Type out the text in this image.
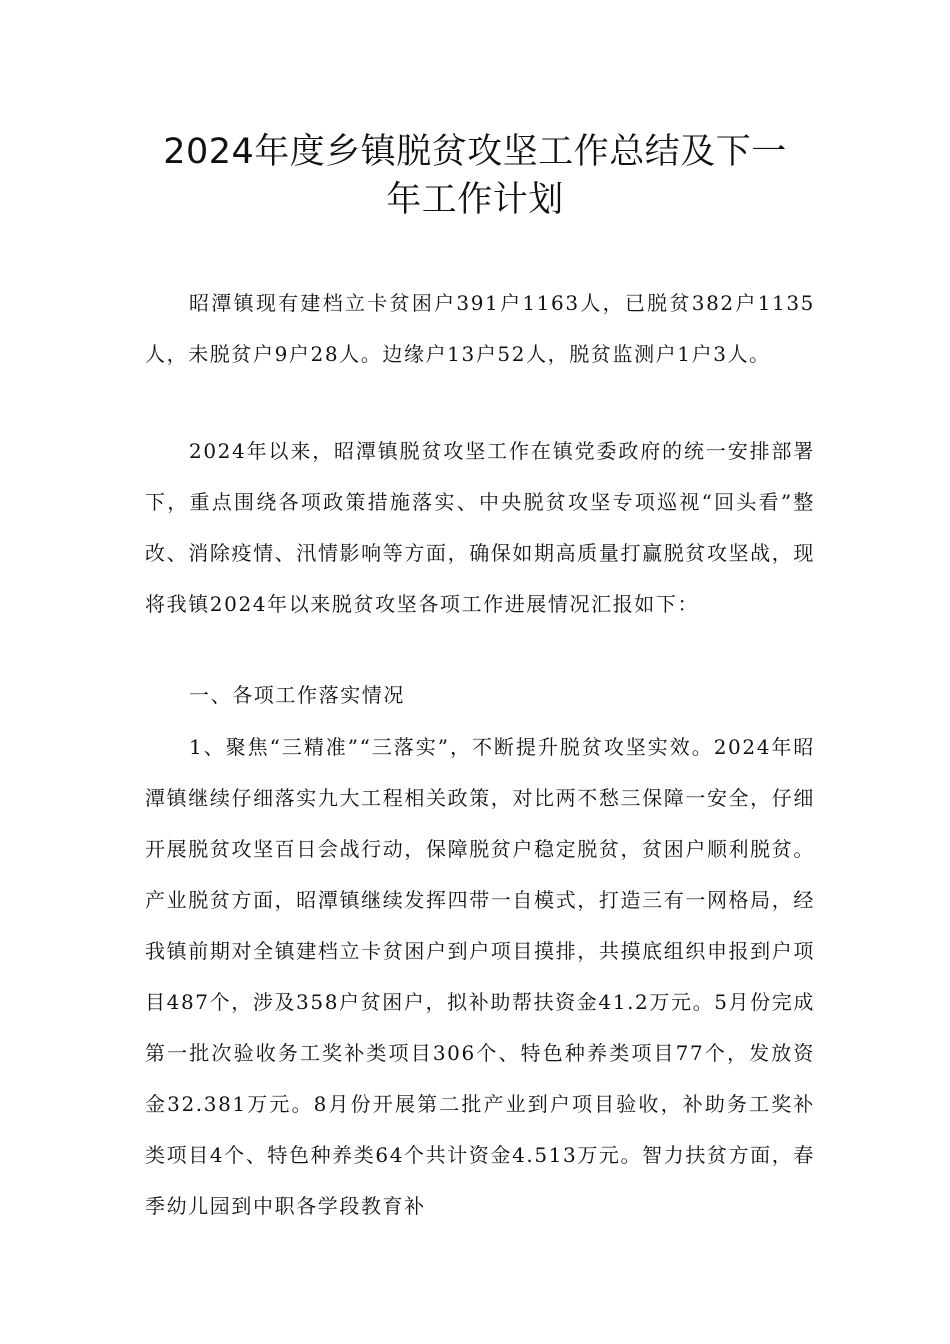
2024年度乡镇脱贫攻坚工作总结及下一
年工作计划

昭潭镇现有建档立卡贫困户391户1163人，已脱贫382户1135人，未脱贫户9户28人。边缘户13户52人，脱贫监测户1户3人。

2024年以来，昭潭镇脱贫攻坚工作在镇党委政府的统一安排部署下，重点围绕各项政策措施落实、中央脱贫攻坚专项巡视“回头看”整改、消除疫情、汛情影响等方面，确保如期高质量打赢脱贫攻坚战，现将我镇2024年以来脱贫攻坚各项工作进展情况汇报如下：

一、各项工作落实情况

1、聚焦“三精准”“三落实”，不断提升脱贫攻坚实效。2024年昭潭镇继续仔细落实九大工程相关政策，对比两不愁三保障一安全，仔细开展脱贫攻坚百日会战行动，保障脱贫户稳定脱贫，贫困户顺利脱贫。产业脱贫方面，昭潭镇继续发挥四带一自模式，打造三有一网格局，经我镇前期对全镇建档立卡贫困户到户项目摸排，共摸底组织申报到户项目487个，涉及358户贫困户，拟补助帮扶资金41.2万元。5月份完成第一批次验收务工奖补类项目306个、特色种养类项目77个，发放资金32.381万元。8月份开展第二批产业到户项目验收，补助务工奖补类项目4个、特色种养类64个共计资金4.513万元。智力扶贫方面，春季幼儿园到中职各学段教育补
